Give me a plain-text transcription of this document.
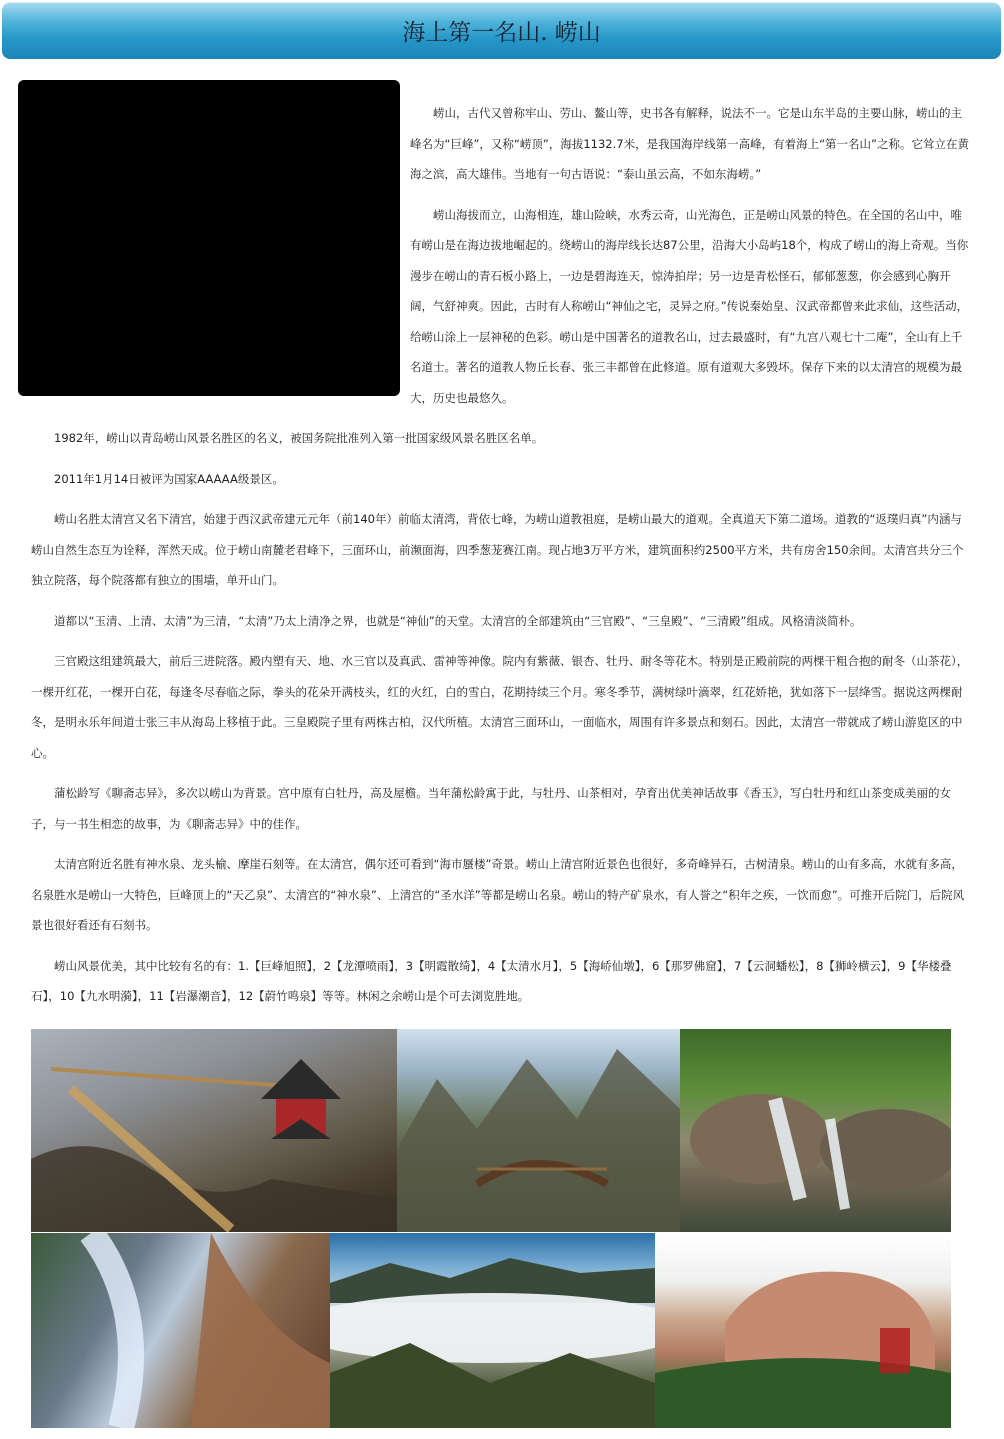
海上第一名山. 崂山

崂山，古代又曾称牢山、劳山、鳌山等，史书各有解释，说法不一。它是山东半岛的主要山脉，崂山的主峰名为“巨峰”，又称“崂顶”，海拔1132.7米，是我国海岸线第一高峰，有着海上“第一名山”之称。它耸立在黄海之滨，高大雄伟。当地有一句古语说：“泰山虽云高，不如东海崂。”

崂山海拔而立，山海相连，雄山险峡，水秀云奇，山光海色，正是崂山风景的特色。在全国的名山中，唯有崂山是在海边拔地崛起的。绕崂山的海岸线长达87公里，沿海大小岛屿18个，构成了崂山的海上奇观。当你漫步在崂山的青石板小路上，一边是碧海连天，惊涛拍岸；另一边是青松怪石，郁郁葱葱，你会感到心胸开阔，气舒神爽。因此，古时有人称崂山“神仙之宅，灵异之府。”传说秦始皇、汉武帝都曾来此求仙，这些活动，给崂山涂上一层神秘的色彩。崂山是中国著名的道教名山，过去最盛时，有“九宫八观七十二庵”，全山有上千名道士。著名的道教人物丘长春、张三丰都曾在此修道。原有道观大多毁坏。保存下来的以太清宫的规模为最大，历史也最悠久。

1982年，崂山以青岛崂山风景名胜区的名义，被国务院批准列入第一批国家级风景名胜区名单。

2011年1月14日被评为国家AAAAA级景区。

崂山名胜太清宫又名下清宫，始建于西汉武帝建元元年（前140年）前临太清湾，背依七峰，为崂山道教祖庭，是崂山最大的道观。全真道天下第二道场。道教的“返璞归真”内涵与崂山自然生态互为诠释，浑然天成。位于崂山南麓老君峰下，三面环山，前濒面海，四季葱茏赛江南。现占地3万平方米，建筑面积约2500平方米，共有房舍150余间。太清宫共分三个独立院落，每个院落都有独立的围墙，单开山门。

道都以“玉清、上清、太清”为三清，“太清”乃太上清净之界，也就是“神仙”的天堂。太清宫的全部建筑由“三官殿”、“三皇殿”、“三清殿”组成。风格清淡简朴。

三官殿这组建筑最大，前后三进院落。殿内塑有天、地、水三官以及真武、雷神等神像。院内有紫薇、银杏、牡丹、耐冬等花木。特别是正殿前院的两棵干粗合抱的耐冬（山茶花），一棵开红花，一棵开白花，每逢冬尽春临之际，拳头的花朵开满枝头，红的火红，白的雪白，花期持续三个月。寒冬季节，满树绿叶滴翠，红花娇艳，犹如落下一层绛雪。据说这两棵耐冬，是明永乐年间道士张三丰从海岛上移植于此。三皇殿院子里有两株古柏，汉代所植。太清宫三面环山，一面临水，周围有许多景点和刻石。因此，太清宫一带就成了崂山游览区的中心。

蒲松龄写《聊斋志异》，多次以崂山为背景。宫中原有白牡丹，高及屋檐。当年蒲松龄寓于此，与牡丹、山茶相对，孕育出优美神话故事《香玉》，写白牡丹和红山茶变成美丽的女子，与一书生相恋的故事，为《聊斋志异》中的佳作。

太清宫附近名胜有神水泉、龙头榆、摩崖石刻等。在太清宫，偶尔还可看到“海市蜃楼”奇景。崂山上清宫附近景色也很好，多奇峰异石，古树清泉。崂山的山有多高，水就有多高，名泉胜水是崂山一大特色，巨峰顶上的“天乙泉”、太清宫的“神水泉”、上清宫的“圣水洋”等都是崂山名泉。崂山的特产矿泉水，有人誉之“积年之疾，一饮而愈”。可推开后院门，后院风景也很好看还有石刻书。

崂山风景优美，其中比较有名的有：1.【巨峰旭照】，2【龙潭喷雨】，3【明霞散绮】，4【太清水月】，5【海峤仙墩】，6【那罗佛窟】，7【云洞蟠松】，8【狮岭横云】，9【华楼叠石】，10【九水明漪】，11【岩瀑潮音】，12【蔚竹鸣泉】等等。林闲之余崂山是个可去浏览胜地。
